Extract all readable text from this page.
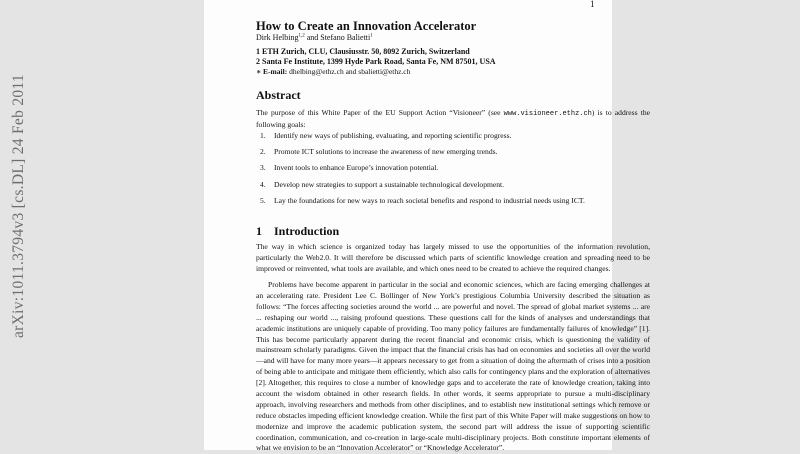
arXiv:1011.3794v3 [cs.DL] 24 Feb 2011
1
How to Create an Innovation Accelerator
Dirk Helbing$^{1,2}$ and Stefano Balietti$^1$
1 ETH Zurich, CLU, Clausiusstr. 50, 8092 Zurich, Switzerland
2 Santa Fe Institute, 1399 Hyde Park Road, Santa Fe, NM 87501, USA
∗ E-mail: dhelbing@ethz.ch and sbalietti@ethz.ch
Abstract

The purpose of this White Paper of the EU Support Action “Visioneer” (see www.visioneer.ethz.ch) is to address the following goals:

1. Identify new ways of publishing, evaluating, and reporting scientific progress.
2. Promote ICT solutions to increase the awareness of new emerging trends.
3. Invent tools to enhance Europe’s innovation potential.
4. Develop new strategies to support a sustainable technological development.
5. Lay the foundations for new ways to reach societal benefits and respond to industrial needs using ICT.
1 Introduction

The way in which science is organized today has largely missed to use the opportunities of the information revolution, particularly the Web2.0. It will therefore be discussed which parts of scientific knowledge creation and spreading need to be improved or reinvented, what tools are available, and which ones need to be created to achieve the required changes.

Problems have become apparent in particular in the social and economic sciences, which are facing emerging challenges at an accelerating rate. President Lee C. Bollinger of New York’s prestigious Columbia University described the situation as follows: “The forces affecting societies around the world ... are powerful and novel. The spread of global market systems ... are ... reshaping our world ..., raising profound questions. These questions call for the kinds of analyses and understandings that academic institutions are uniquely capable of providing. Too many policy failures are fundamentally failures of knowledge” [1]. This has become particularly apparent during the recent financial and economic crisis, which is questioning the validity of mainstream scholarly paradigms. Given the impact that the financial crisis has had on economies and societies all over the world—and will have for many more years—it appears necessary to get from a situation of doing the aftermath of crises into a position of being able to anticipate and mitigate them efficiently, which also calls for contingency plans and the exploration of alternatives [2]. Altogether, this requires to close a number of knowledge gaps and to accelerate the rate of knowledge creation, taking into account the wisdom obtained in other research fields. In other words, it seems appropriate to pursue a multi-disciplinary approach, involving researchers and methods from other disciplines, and to establish new institutional settings which remove or reduce obstacles impeding efficient knowledge creation. While the first part of this White Paper will make suggestions on how to modernize and improve the academic publication system, the second part will address the issue of supporting scientific coordination, communication, and co-creation in large-scale multi-disciplinary projects. Both constitute important elements of what we envision to be an “Innovation Accelerator” or “Knowledge Accelerator”.
